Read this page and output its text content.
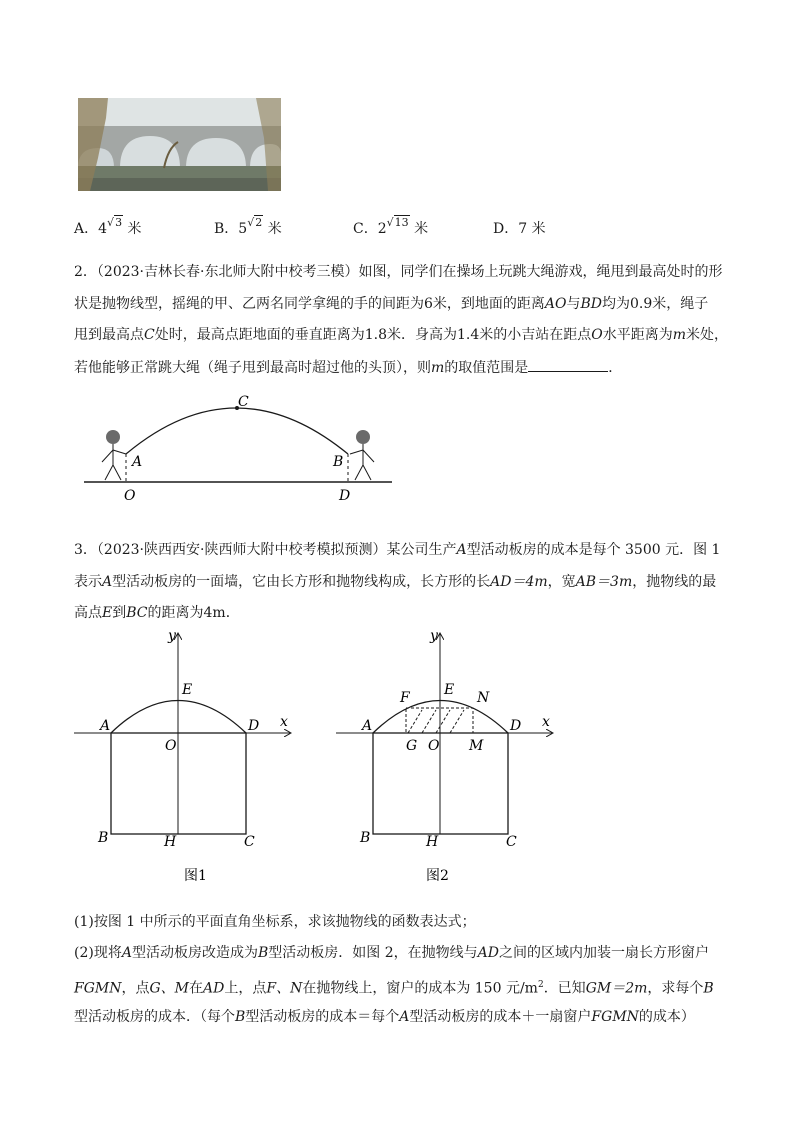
A．$4^{√3}$ 米	B．$5^{√2}$ 米	C．$2^{√13}$ 米	D．7 米
2．（2023·吉林长春·东北师大附中校考三模）如图，同学们在操场上玩跳大绳游戏，绳甩到最高处时的形
状是抛物线型，摇绳的甲、乙两名同学拿绳的手的间距为6米，到地面的距离AO与BD均为0.9米，绳子
甩到最高点C处时，最高点距地面的垂直距离为1.8米．身高为1.4米的小吉站在距点O水平距离为m米处，
若他能够正常跳大绳（绳子甩到最高时超过他的头顶），则m的取值范围是	．
C
A	B
O	D
3．（2023·陕西西安·陕西师大附中校考模拟预测）某公司生产A型活动板房的成本是每个 3500 元．图 1
表示A型活动板房的一面墙，它由长方形和抛物线构成，长方形的长AD＝4m，宽AB＝3m，抛物线的最
高点E到BC的距离为4m．
y
x
E
A
O
D
B	H	C
图1
y
x
F E N
A
G O M
D
B	H	C
图2
(1)按图 1 中所示的平面直角坐标系，求该抛物线的函数表达式；
(2)现将A型活动板房改造成为B型活动板房．如图 2，在抛物线与AD之间的区域内加装一扇长方形窗户
FGMN，点G、M在AD上，点F、N在抛物线上，窗户的成本为 150 元$/m^2$．已知GM＝2m，求每个B
型活动板房的成本．（每个B型活动板房的成本＝每个A型活动板房的成本＋一扇窗户FGMN的成本）
